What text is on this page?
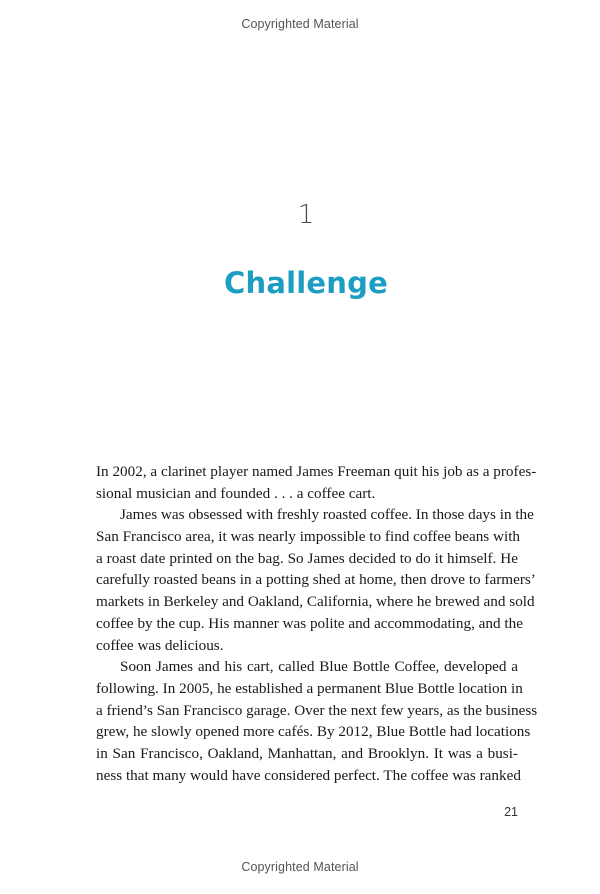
Copyrighted Material
1
Challenge
In 2002, a clarinet player named James Freeman quit his job as a profes-
sional musician and founded . . . a coffee cart.
James was obsessed with freshly roasted coffee. In those days in the
San Francisco area, it was nearly impossible to find coffee beans with
a roast date printed on the bag. So James decided to do it himself. He
carefully roasted beans in a potting shed at home, then drove to farmers’
markets in Berkeley and Oakland, California, where he brewed and sold
coffee by the cup. His manner was polite and accommodating, and the
coffee was delicious.
Soon James and his cart, called Blue Bottle Coffee, developed a
following. In 2005, he established a permanent Blue Bottle location in
a friend’s San Francisco garage. Over the next few years, as the business
grew, he slowly opened more cafés. By 2012, Blue Bottle had locations
in San Francisco, Oakland, Manhattan, and Brooklyn. It was a busi-
ness that many would have considered perfect. The coffee was ranked
21
Copyrighted Material
